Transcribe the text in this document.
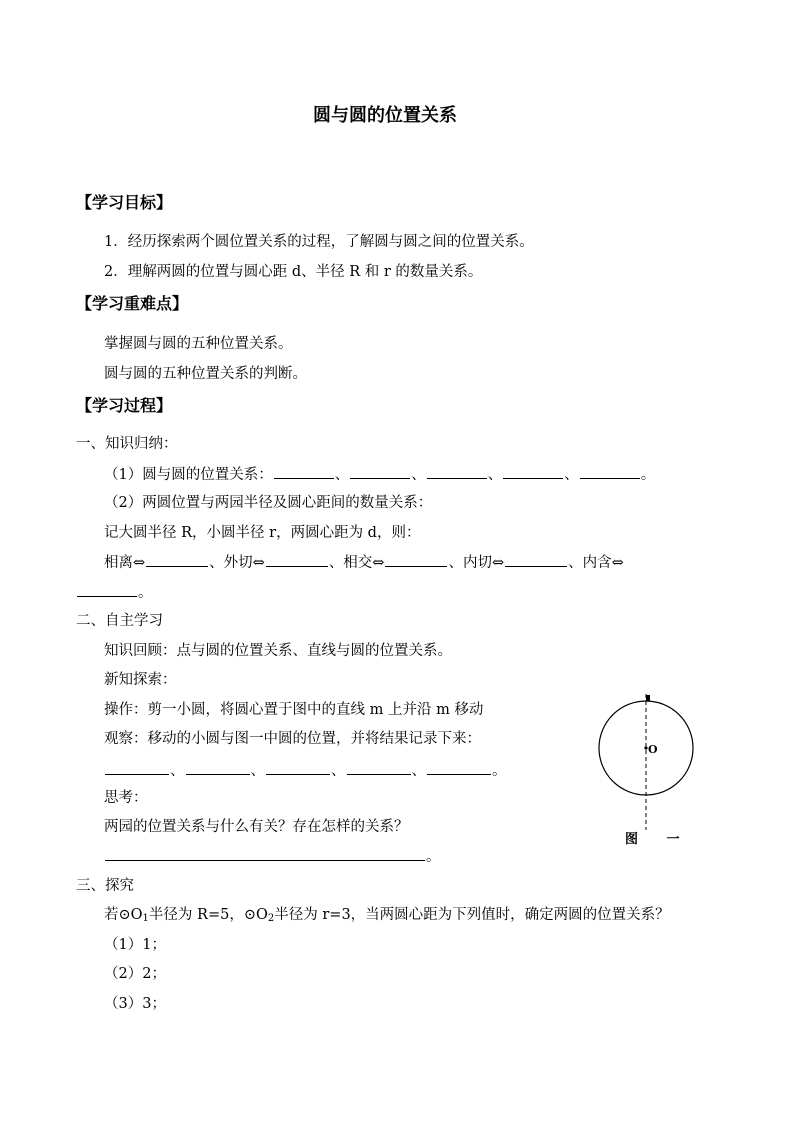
圆与圆的位置关系
【学习目标】
1．经历探索两个圆位置关系的过程，了解圆与圆之间的位置关系。
2．理解两圆的位置与圆心距 d、半径 R 和 r 的数量关系。
【学习重难点】
掌握圆与圆的五种位置关系。
圆与圆的五种位置关系的判断。
【学习过程】
一、知识归纳：
（1）圆与圆的位置关系：	、	、	、	、	。
（2）两圆位置与两园半径及圆心距间的数量关系：
记大圆半径 R，小圆半径 r，两圆心距为 d，则：
相离⇔	、外切⇔	、相交⇔	、内切⇔	、内含⇔
。
二、自主学习
知识回顾：点与圆的位置关系、直线与圆的位置关系。
新知探索：
操作：剪一小圆，将圆心置于图中的直线 m 上并沿 m 移动
观察：移动的小圆与图一中圆的位置，并将结果记录下来：
、	、	、	、	。
思考：
两园的位置关系与什么有关？存在怎样的关系？
。
O
图 一
三、探究
若$⊙O_1$半径为 R=5，$⊙O_2$半径为 r=3，当两圆心距为下列值时，确定两圆的位置关系？
（1）1；
（2）2；
（3）3；
